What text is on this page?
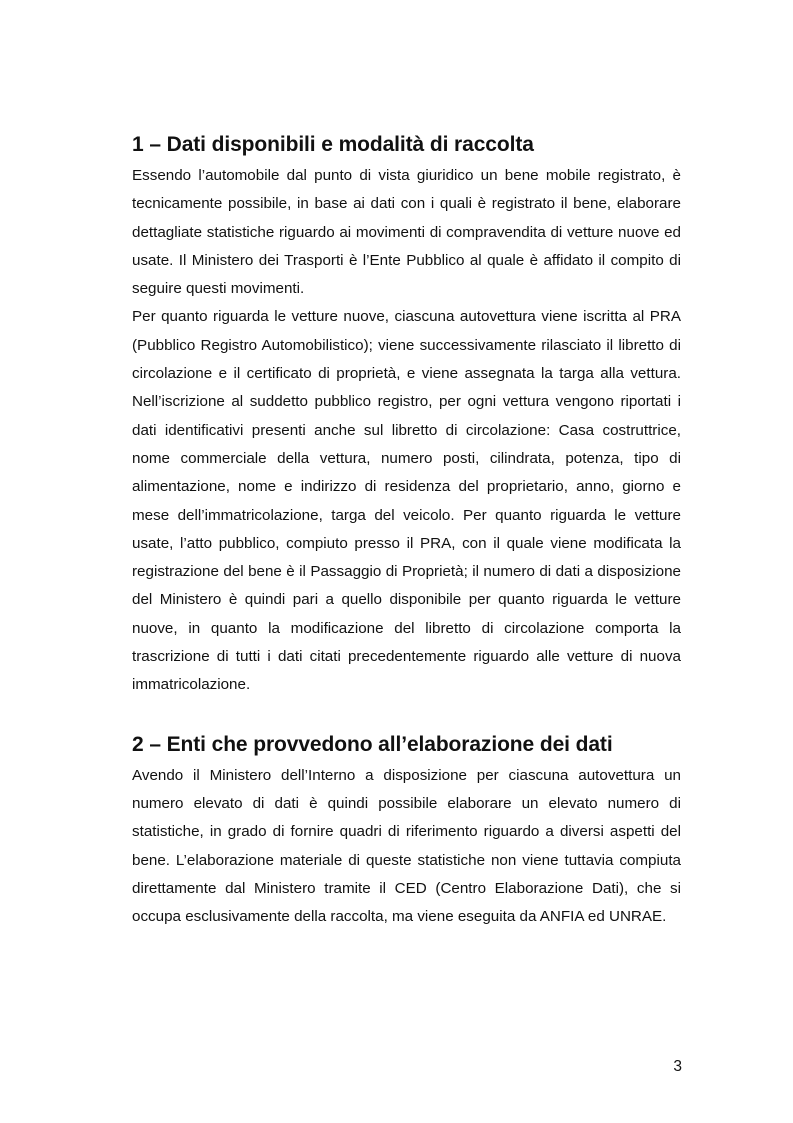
1 – Dati disponibili e modalità di raccolta

Essendo l’automobile dal punto di vista giuridico un bene mobile registrato, è tecnicamente possibile, in base ai dati con i quali è registrato il bene, elaborare dettagliate statistiche riguardo ai movimenti di compravendita di vetture nuove ed usate. Il Ministero dei Trasporti è l’Ente Pubblico al quale è affidato il compito di seguire questi movimenti.

Per quanto riguarda le vetture nuove, ciascuna autovettura viene iscritta al PRA (Pubblico Registro Automobilistico); viene successivamente rilasciato il libretto di circolazione e il certificato di proprietà, e viene assegnata la targa alla vettura. Nell’iscrizione al suddetto pubblico registro, per ogni vettura vengono riportati i dati identificativi presenti anche sul libretto di circolazione: Casa costruttrice, nome commerciale della vettura, numero posti, cilindrata, potenza, tipo di alimentazione, nome e indirizzo di residenza del proprietario, anno, giorno e mese dell’immatricolazione, targa del veicolo. Per quanto riguarda le vetture usate, l’atto pubblico, compiuto presso il PRA, con il quale viene modificata la registrazione del bene è il Passaggio di Proprietà; il numero di dati a disposizione del Ministero è quindi pari a quello disponibile per quanto riguarda le vetture nuove, in quanto la modificazione del libretto di circolazione comporta la trascrizione di tutti i dati citati precedentemente riguardo alle vetture di nuova immatricolazione.

2 – Enti che provvedono all’elaborazione dei dati

Avendo il Ministero dell’Interno a disposizione per ciascuna autovettura un numero elevato di dati è quindi possibile elaborare un elevato numero di statistiche, in grado di fornire quadri di riferimento riguardo a diversi aspetti del bene. L’elaborazione materiale di queste statistiche non viene tuttavia compiuta direttamente dal Ministero tramite il CED (Centro Elaborazione Dati), che si occupa esclusivamente della raccolta, ma viene eseguita da ANFIA ed UNRAE.

3
